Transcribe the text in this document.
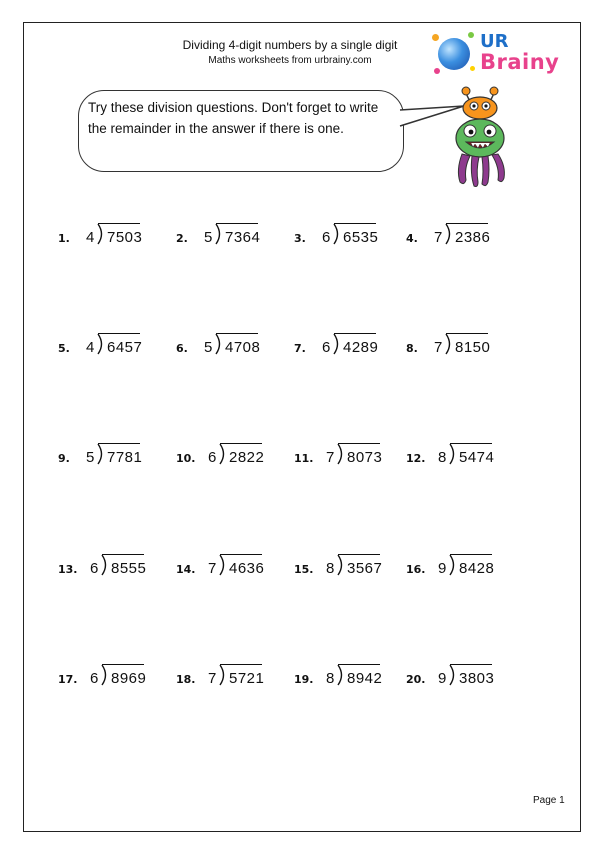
Dividing 4-digit numbers by a single digit
Maths worksheets from urbrainy.com
UR
Brainy
Try these division questions. Don't forget to write the remainder in the answer if there is one.
1. 4 7503	2. 5 7364	3. 6 6535	4. 7 2386
5. 4 6457	6. 5 4708	7. 6 4289	8. 7 8150
9. 5 7781	10. 6 2822	11. 7 8073 12. 8 5474
13. 6 8555	14. 7 4636	15. 8 3567 16. 9 8428
17. 6 8969	18. 7 5721	19. 8 8942 20. 9 3803
Page 1
